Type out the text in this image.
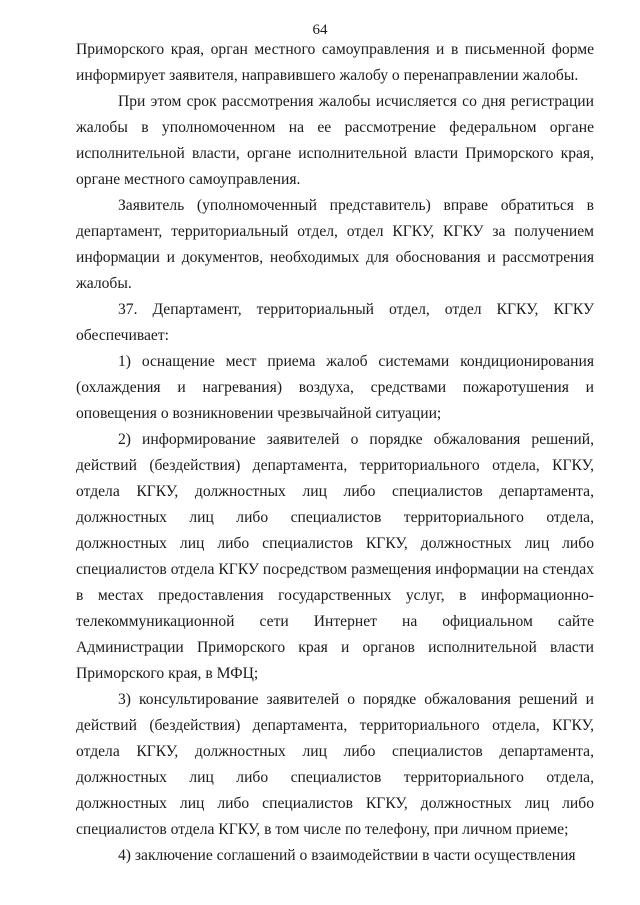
64

Приморского края, орган местного самоуправления и в письменной форме информирует заявителя, направившего жалобу о перенаправлении жалобы.

При этом срок рассмотрения жалобы исчисляется со дня регистрации жалобы в уполномоченном на ее рассмотрение федеральном органе исполнительной власти, органе исполнительной власти Приморского края, органе местного самоуправления.

Заявитель (уполномоченный представитель) вправе обратиться в департамент, территориальный отдел, отдел КГКУ, КГКУ за получением информации и документов, необходимых для обоснования и рассмотрения жалобы.

37. Департамент, территориальный отдел, отдел КГКУ, КГКУ обеспечивает:

1) оснащение мест приема жалоб системами кондиционирования (охлаждения и нагревания) воздуха, средствами пожаротушения и оповещения о возникновении чрезвычайной ситуации;

2) информирование заявителей о порядке обжалования решений, действий (бездействия) департамента, территориального отдела, КГКУ, отдела КГКУ, должностных лиц либо специалистов департамента, должностных лиц либо специалистов территориального отдела, должностных лиц либо специалистов КГКУ, должностных лиц либо специалистов отдела КГКУ посредством размещения информации на стендах в местах предоставления государственных услуг, в информационно-телекоммуникационной сети Интернет на официальном сайте Администрации Приморского края и органов исполнительной власти Приморского края, в МФЦ;

3) консультирование заявителей о порядке обжалования решений и действий (бездействия) департамента, территориального отдела, КГКУ, отдела КГКУ, должностных лиц либо специалистов департамента, должностных лиц либо специалистов территориального отдела, должностных лиц либо специалистов КГКУ, должностных лиц либо специалистов отдела КГКУ, в том числе по телефону, при личном приеме;

4) заключение соглашений о взаимодействии в части осуществления
